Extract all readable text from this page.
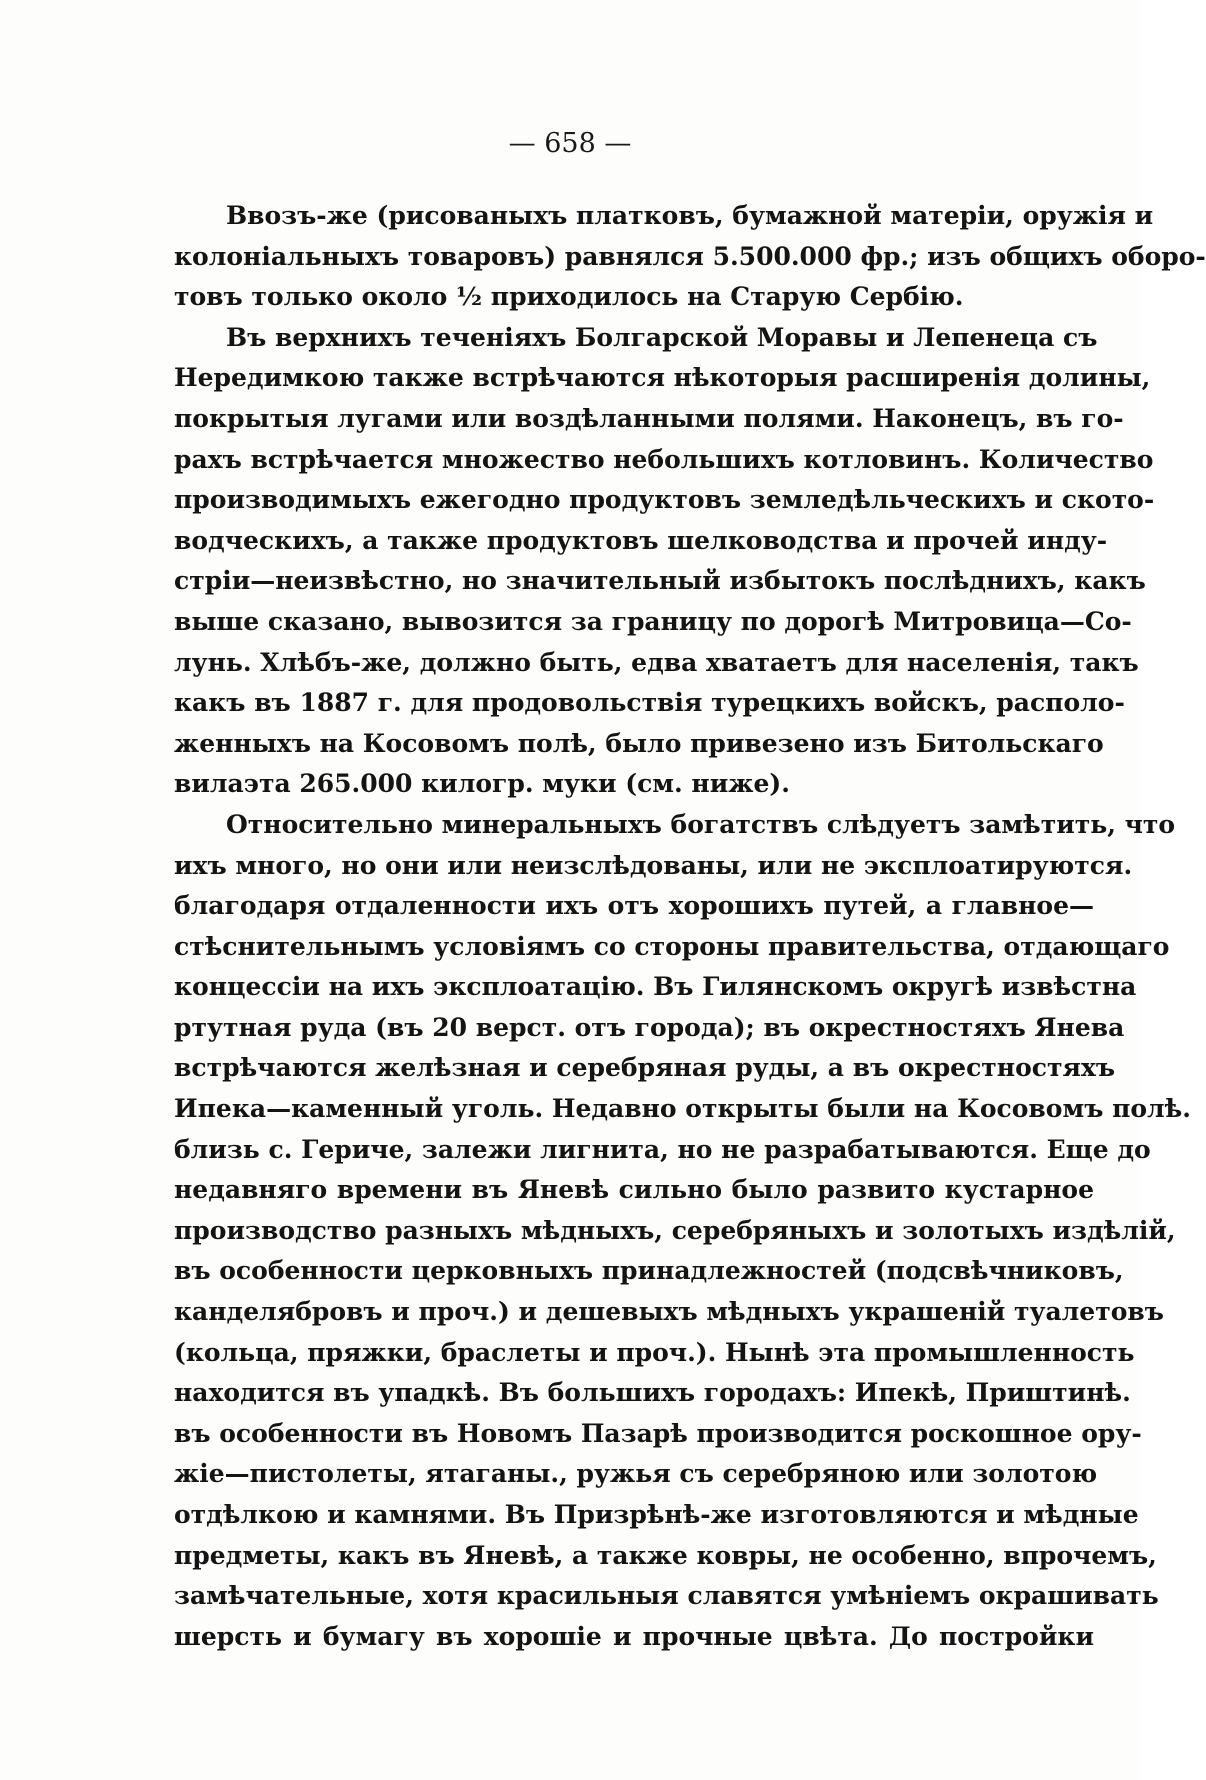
— 658 —
Ввозъ-же (рисованыхъ платковъ, бумажной матеріи, оружія и
колоніальныхъ товаровъ) равнялся 5.500.000 фр.; изъ общихъ оборо-
товъ только около ½ приходилось на Старую Сербію.
Въ верхнихъ теченіяхъ Болгарской Моравы и Лепенеца съ
Нередимкою также встрѣчаются нѣкоторыя расширенія долины,
покрытыя лугами или воздѣланными полями. Наконецъ, въ го-
рахъ встрѣчается множество небольшихъ котловинъ. Количество
производимыхъ ежегодно продуктовъ земледѣльческихъ и ското-
водческихъ, а также продуктовъ шелководства и прочей инду-
стріи—неизвѣстно, но значительный избытокъ послѣднихъ, какъ
выше сказано, вывозится за границу по дорогѣ Митровица—Со-
лунь. Хлѣбъ-же, должно быть, едва хватаетъ для населенія, такъ
какъ въ 1887 г. для продовольствія турецкихъ войскъ, располо-
женныхъ на Косовомъ полѣ, было привезено изъ Битольскаго
вилаэта 265.000 килогр. муки (см. ниже).
Относительно минеральныхъ богатствъ слѣдуетъ замѣтить, что
ихъ много, но они или неизслѣдованы, или не эксплоатируются.
благодаря отдаленности ихъ отъ хорошихъ путей, а главное—
стѣснительнымъ условіямъ со стороны правительства, отдающаго
концессіи на ихъ эксплоатацію. Въ Гилянскомъ округѣ извѣстна
ртутная руда (въ 20 верст. отъ города); въ окрестностяхъ Янева
встрѣчаются желѣзная и серебряная руды, а въ окрестностяхъ
Ипека—каменный уголь. Недавно открыты были на Косовомъ полѣ.
близь с. Гериче, залежи лигнита, но не разрабатываются. Еще до
недавняго времени въ Яневѣ сильно было развито кустарное
производство разныхъ мѣдныхъ, серебряныхъ и золотыхъ издѣлій,
въ особенности церковныхъ принадлежностей (подсвѣчниковъ,
канделябровъ и проч.) и дешевыхъ мѣдныхъ украшеній туалетовъ
(кольца, пряжки, браслеты и проч.). Нынѣ эта промышленность
находится въ упадкѣ. Въ большихъ городахъ: Ипекѣ, Приштинѣ.
въ особенности въ Новомъ Пазарѣ производится роскошное ору-
жіе—пистолеты, ятаганы., ружья съ серебряною или золотою
отдѣлкою и камнями. Въ Призрѣнѣ-же изготовляются и мѣдные
предметы, какъ въ Яневѣ, а также ковры, не особенно, впрочемъ,
замѣчательные, хотя красильныя славятся умѣніемъ окрашивать
шерсть и бумагу въ хорошіе и прочные цвѣта. До постройки
